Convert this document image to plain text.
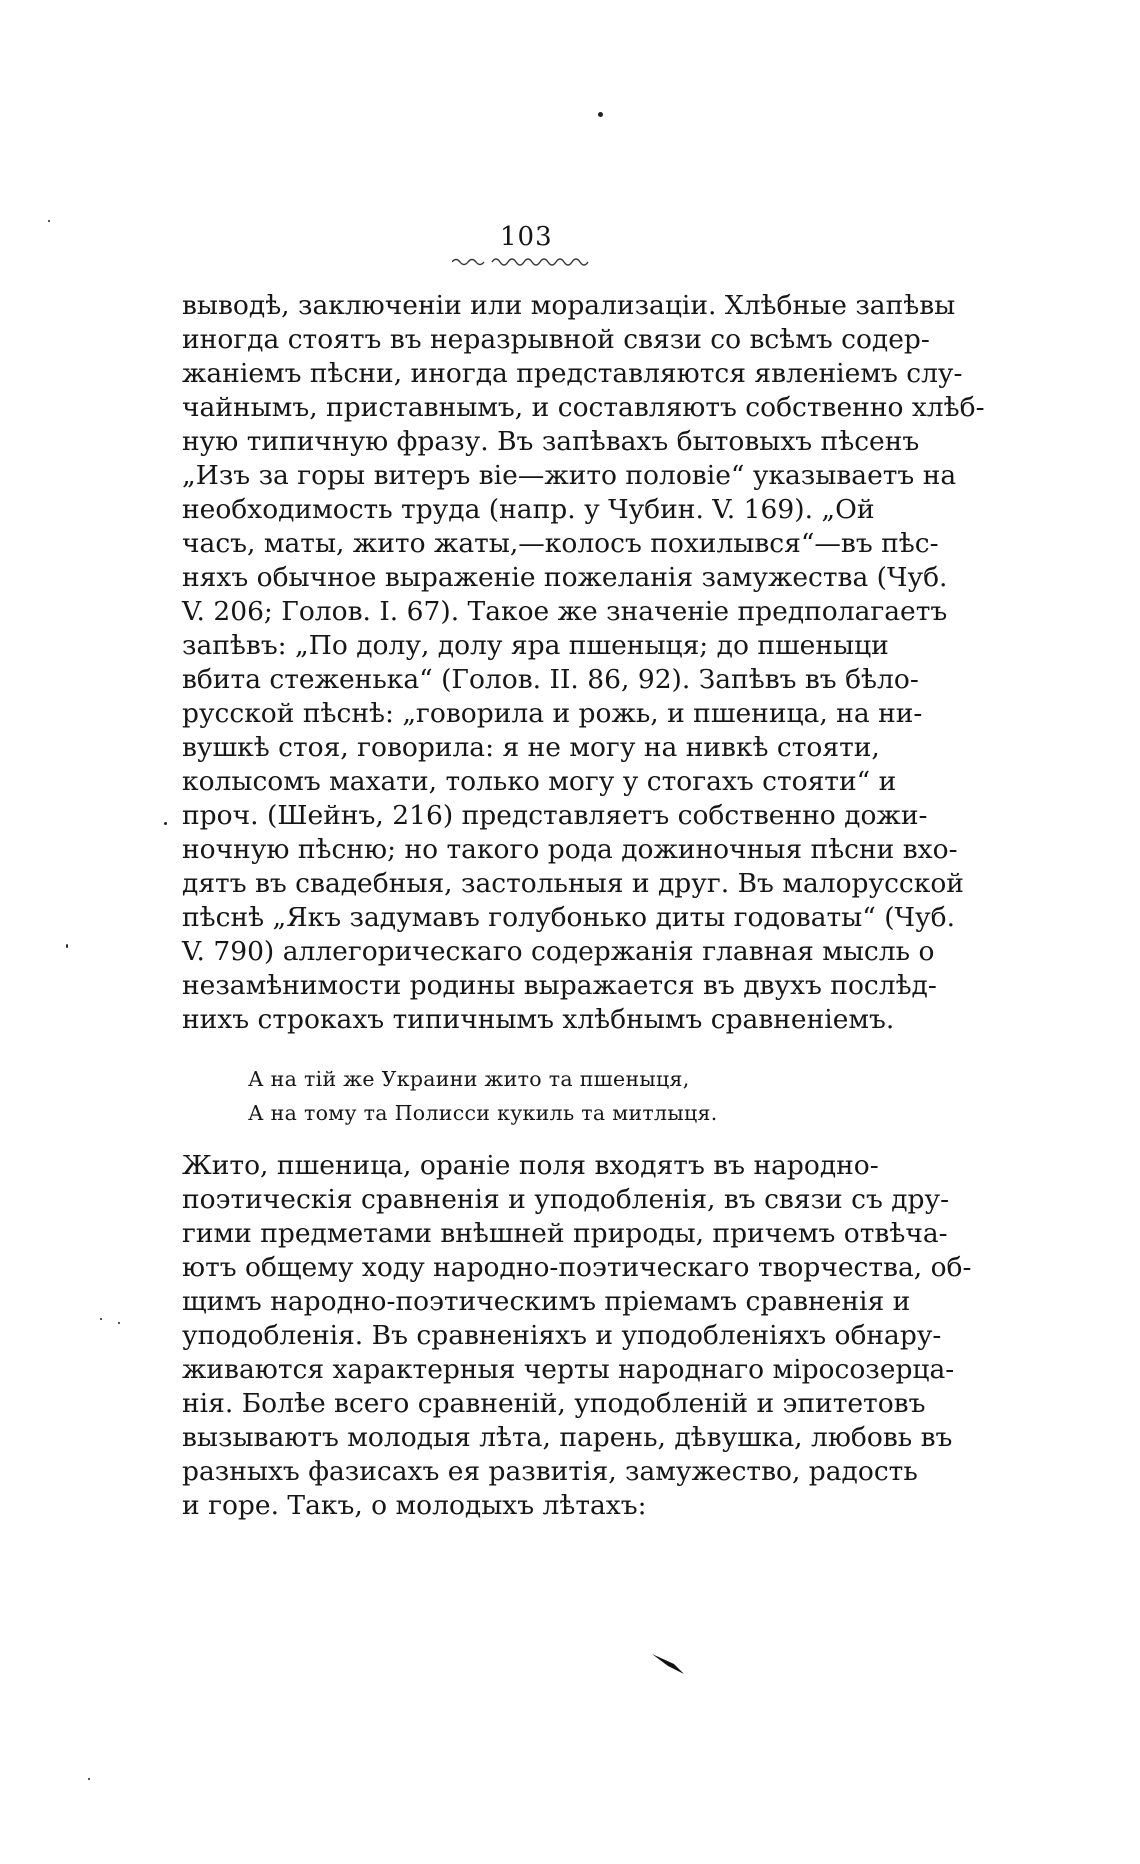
103
выводѣ, заключеніи или морализаціи. Хлѣбные запѣвы
иногда стоятъ въ неразрывной связи со всѣмъ содер-
жаніемъ пѣсни, иногда представляются явленіемъ слу-
чайнымъ, приставнымъ, и составляютъ собственно хлѣб-
ную типичную фразу. Въ запѣвахъ бытовыхъ пѣсенъ
„Изъ за горы витеръ віе—жито половіе“ указываетъ на
необходимость труда (напр. у Чубин. V. 169). „Ой
часъ, маты, жито жаты,—колосъ похилывся“—въ пѣс-
няхъ обычное выраженіе пожеланія замужества (Чуб.
V. 206; Голов. І. 67). Такое же значеніе предполагаетъ
запѣвъ: „По долу, долу яра пшеныця; до пшеныци
вбита стеженька“ (Голов. ІІ. 86, 92). Запѣвъ въ бѣло-
русской пѣснѣ: „говорила и рожь, и пшеница, на ни-
вушкѣ стоя, говорила: я не могу на нивкѣ стояти,
колысомъ махати, только могу у стогахъ стояти“ и
проч. (Шейнъ, 216) представляетъ собственно дожи-
ночную пѣсню; но такого рода дожиночныя пѣсни вхо-
дятъ въ свадебныя, застольныя и друг. Въ малорусской
пѣснѣ „Якъ задумавъ голубонько диты годоваты“ (Чуб.
V. 790) аллегорическаго содержанія главная мысль о
незамѣнимости родины выражается въ двухъ послѣд-
нихъ строкахъ типичнымъ хлѣбнымъ сравненіемъ.
А на тій же Украини жито та пшеныця,
А на тому та Полисси кукиль та митлыця.
Жито, пшеница, ораніе поля входятъ въ народно-
поэтическія сравненія и уподобленія, въ связи съ дру-
гими предметами внѣшней природы, причемъ отвѣча-
ютъ общему ходу народно-поэтическаго творчества, об-
щимъ народно-поэтическимъ пріемамъ сравненія и
уподобленія. Въ сравненіяхъ и уподобленіяхъ обнару-
живаются характерныя черты народнаго міросозерца-
нія. Болѣе всего сравненій, уподобленій и эпитетовъ
вызываютъ молодыя лѣта, парень, дѣвушка, любовь въ
разныхъ фазисахъ ея развитія, замужество, радость
и горе. Такъ, о молодыхъ лѣтахъ:
